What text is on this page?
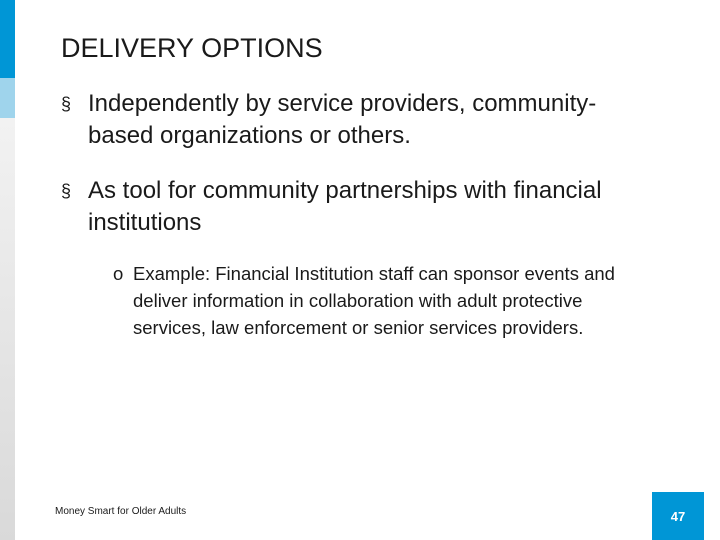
DELIVERY OPTIONS
§ Independently by service providers, community-based organizations or others.
§ As tool for community partnerships with financial institutions
o Example: Financial Institution staff can sponsor events and deliver information in collaboration with adult protective services, law enforcement or senior services providers.
Money Smart for Older Adults	47
